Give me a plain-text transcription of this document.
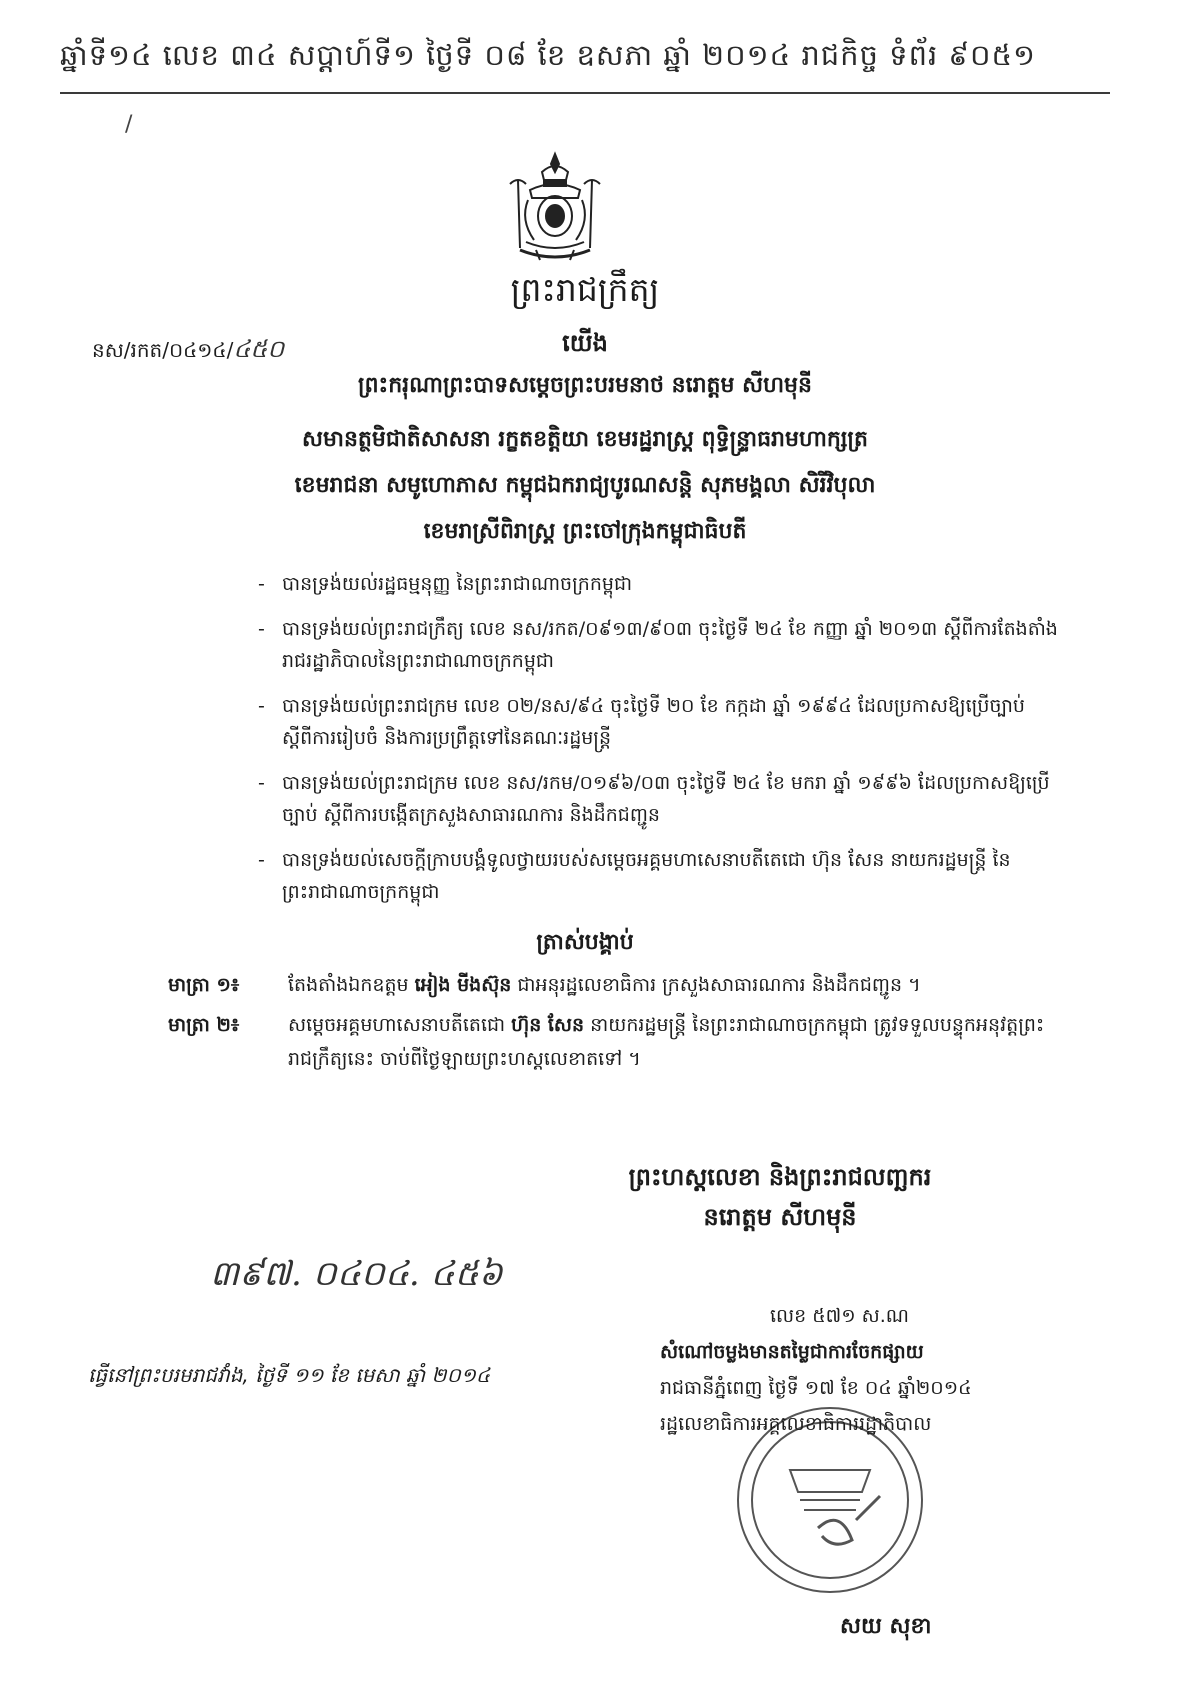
ឆ្នាំទី១៤ លេខ ៣៤ សប្តាហ៍ទី១ ថ្ងៃទី ០៨ ខែ ឧសភា ឆ្នាំ ២០១៤ រាជកិច្ច ទំព័រ ៩០៥១
/
ព្រះរាជក្រឹត្យ
នស/រកត/០៤១៤/៤៥០	យើង
ព្រះករុណាព្រះបាទសម្តេចព្រះបរមនាថ នរោត្តម សីហមុនី
សមានត្ថមិជាតិសាសនា រក្ខតខត្តិយា ខេមរដ្ឋរាស្ត្រ ពុទ្ធិន្ទ្រាធរាមហាក្សត្រ
ខេមរាជនា សមូហោភាស កម្ពុជឯករាជ្យបូរណសន្តិ សុភមង្គលា សិរីវិបុលា
ខេមរាស្រីពិរាស្ត្រ ព្រះចៅក្រុងកម្ពុជាធិបតី
- បានទ្រង់យល់រដ្ឋធម្មនុញ្ញ នៃព្រះរាជាណាចក្រកម្ពុជា
- បានទ្រង់យល់ព្រះរាជក្រឹត្យ លេខ នស/រកត/០៩១៣/៩០៣ ចុះថ្ងៃទី ២៤ ខែ កញ្ញា ឆ្នាំ ២០១៣ ស្តីពីការតែងតាំងរាជរដ្ឋាភិបាលនៃព្រះរាជាណាចក្រកម្ពុជា
- បានទ្រង់យល់ព្រះរាជក្រម លេខ ០២/នស/៩៤ ចុះថ្ងៃទី ២០ ខែ កក្កដា ឆ្នាំ ១៩៩៤ ដែលប្រកាសឱ្យប្រើច្បាប់ ស្តីពីការរៀបចំ និងការប្រព្រឹត្តទៅនៃគណៈរដ្ឋមន្ត្រី
- បានទ្រង់យល់ព្រះរាជក្រម លេខ នស/រកម/០១៩៦/០៣ ចុះថ្ងៃទី ២៤ ខែ មករា ឆ្នាំ ១៩៩៦ ដែលប្រកាសឱ្យប្រើច្បាប់ ស្តីពីការបង្កើតក្រសួងសាធារណការ និងដឹកជញ្ជូន
- បានទ្រង់យល់សេចក្តីក្រាបបង្គំទូលថ្វាយរបស់សម្តេចអគ្គមហាសេនាបតីតេជោ ហ៊ុន សែន នាយករដ្ឋមន្ត្រី នៃព្រះរាជាណាចក្រកម្ពុជា
ត្រាស់បង្គាប់
មាត្រា ១៖	តែងតាំងឯកឧត្តម អៀង មីងស៊ុន ជាអនុរដ្ឋលេខាធិការ ក្រសួងសាធារណការ និងដឹកជញ្ជូន ។
មាត្រា ២៖	សម្តេចអគ្គមហាសេនាបតីតេជោ ហ៊ុន សែន នាយករដ្ឋមន្ត្រី នៃព្រះរាជាណាចក្រកម្ពុជា ត្រូវទទួលបន្ទុកអនុវត្តព្រះរាជក្រឹត្យនេះ ចាប់ពីថ្ងៃឡាយព្រះហស្តលេខាតទៅ ។
ព្រះហស្តលេខា និងព្រះរាជលញ្ឆករ
នរោត្តម សីហមុនី
៣៩៧. ០៤០៤. ៤៥៦
ធ្វើនៅព្រះបរមរាជវាំង, ថ្ងៃទី ១១ ខែ មេសា ឆ្នាំ ២០១៤
លេខ ៥៧១ ស.ណ
សំណៅចម្លងមានតម្លៃជាការចែកផ្សាយ
រាជធានីភ្នំពេញ ថ្ងៃទី ១៧ ខែ ០៤ ឆ្នាំ២០១៤
រដ្ឋលេខាធិការអគ្គលេខាធិការរដ្ឋាភិបាល
សយ សុខា
